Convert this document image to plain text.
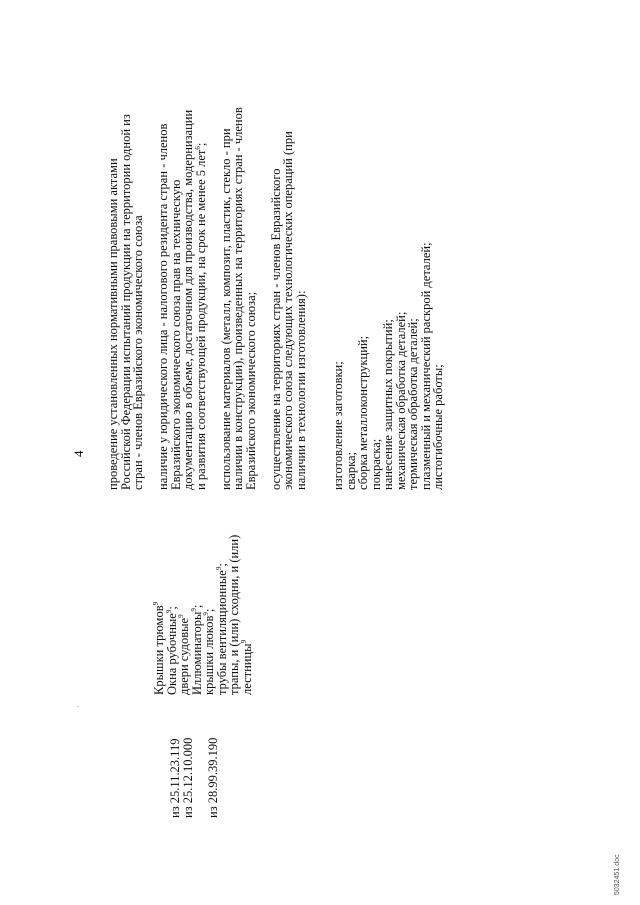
4

из 25.11.23.119

из 25.12.10.000

из 28.99.39.190

Крышки трюмов$^9$

Окна рубочные$^9$;

двери судовые$^9$ Иллюминаторы$^9$;

крышки люков$^9$;

трубы вентиляционные$^9$;

трапы, и (или) сходни, и (или)

лестницы$^9$

проведение установленных нормативными правовыми актами

Российской Федерации испытаний продукции на территории одной из

стран - членов Евразийского экономического союза наличие у юридического лица - налогового резидента стран - членов

Евразийского экономического союза прав на техническую

документацию в объеме, достаточном для производства, модернизации

и развития соответствующей продукции, на срок не менее 5 лет$^6$; использование материалов (металл, композит, пластик, стекло - при

наличии в конструкции), произведенных на территориях стран - членов

Евразийского экономического союза; осуществление на территориях стран - членов Евразийского

экономического союза следующих технологических операций (при

наличии в технологии изготовления): изготовление заготовки;

сварка;

сборка металлоконструкций;

покраска;

нанесение защитных покрытий;

механическая обработка деталей;

термическая обработка деталей;

плазменный и механический раскрой деталей;

листогибочные работы;

.
5032451.doc
